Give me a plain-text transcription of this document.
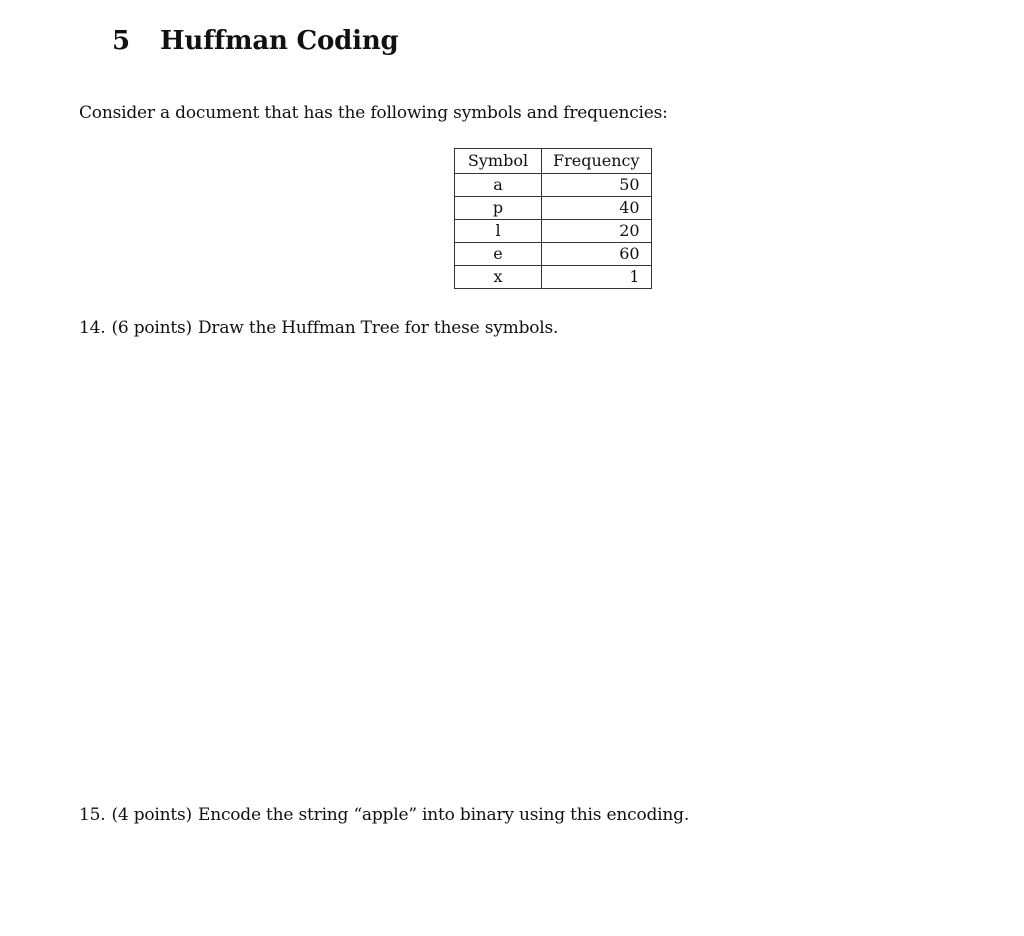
5 Huffman Coding

Consider a document that has the following symbols and frequencies:

Symbol	Frequency
a	50
p	40
l	20
e	60
x	1

14. (6 points) Draw the Huffman Tree for these symbols.

15. (4 points) Encode the string “apple” into binary using this encoding.
